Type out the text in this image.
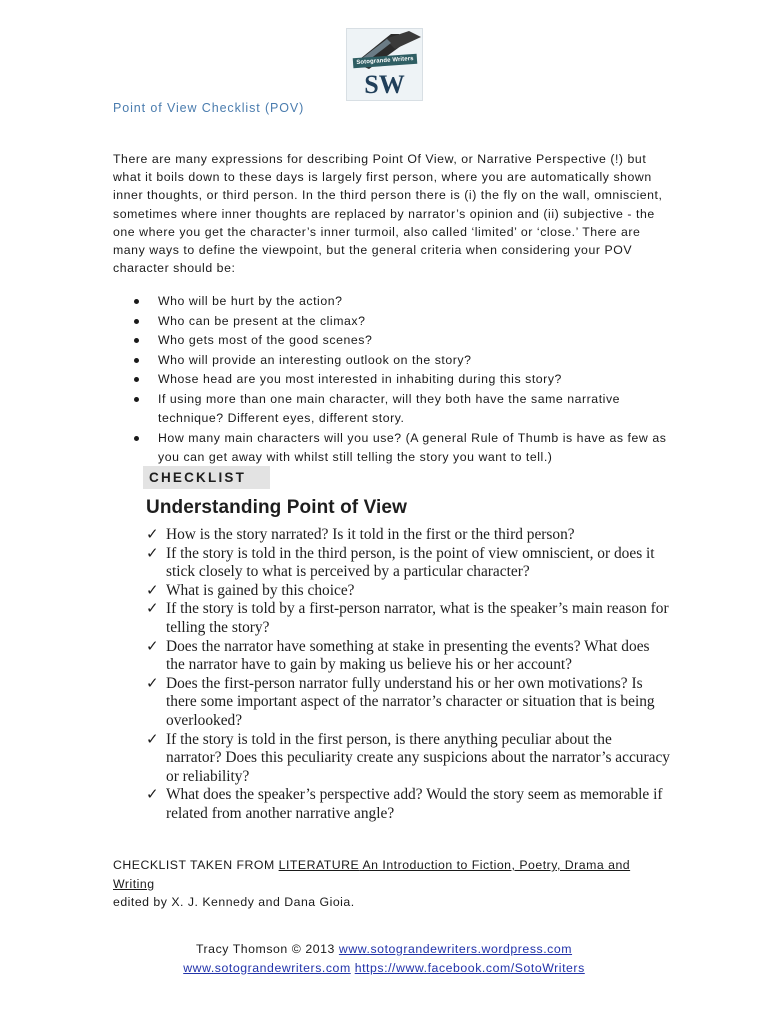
Sotogrande Writers
SW
Point of View Checklist (POV)
There are many expressions for describing Point Of View, or Narrative Perspective (!) but what it boils down to these days is largely first person, where you are automatically shown inner thoughts, or third person. In the third person there is (i) the fly on the wall, omniscient, sometimes where inner thoughts are replaced by narrator’s opinion and (ii) subjective - the one where you get the character’s inner turmoil, also called ‘limited’ or ‘close.’ There are many ways to define the viewpoint, but the general criteria when considering your POV character should be:
Who will be hurt by the action?
Who can be present at the climax?
Who gets most of the good scenes?
Who will provide an interesting outlook on the story?
Whose head are you most interested in inhabiting during this story?
If using more than one main character, will they both have the same narrative technique? Different eyes, different story.
How many main characters will you use? (A general Rule of Thumb is have as few as you can get away with whilst still telling the story you want to tell.)
CHECKLIST
Understanding Point of View
✓ How is the story narrated? Is it told in the first or the third person?
✓ If the story is told in the third person, is the point of view omniscient, or does it stick closely to what is perceived by a particular character?
✓ What is gained by this choice?
✓ If the story is told by a first-person narrator, what is the speaker’s main reason for telling the story?
✓ Does the narrator have something at stake in presenting the events? What does the narrator have to gain by making us believe his or her account?
✓ Does the first-person narrator fully understand his or her own motivations? Is there some important aspect of the narrator’s character or situation that is being overlooked?
✓ If the story is told in the first person, is there anything peculiar about the narrator? Does this peculiarity create any suspicions about the narrator’s accuracy or reliability?
✓ What does the speaker’s perspective add? Would the story seem as memorable if related from another narrative angle?
CHECKLIST TAKEN FROM LITERATURE An Introduction to Fiction, Poetry, Drama and Writing
edited by X. J. Kennedy and Dana Gioia.
Tracy Thomson © 2013 www.sotograndewriters.wordpress.com
www.sotograndewriters.com https://www.facebook.com/SotoWriters
